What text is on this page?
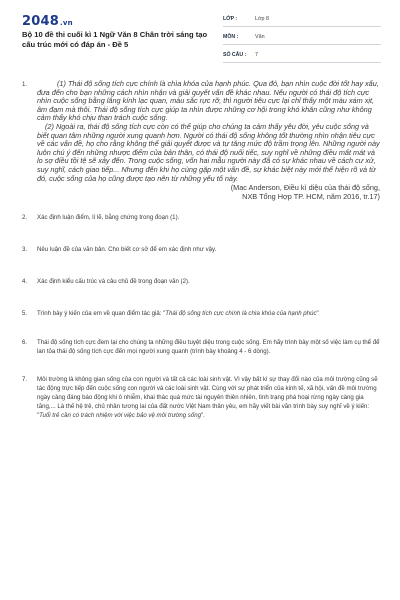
2048.vn
Bộ 10 đề thi cuối kì 1 Ngữ Văn 8 Chân trời sáng tạo cấu trúc mới có đáp án - Đề 5
LỚP :	Lớp 8
MÔN :	Văn
SỐ CÂU :	7
1.	(1) Thái độ sống tích cực chính là chìa khóa của hạnh phúc. Qua đó, bạn nhìn cuộc đời tốt hay xấu, đưa đến cho bạn những cách nhìn nhận và giải quyết vấn đề khác nhau. Nếu người có thái độ tích cực nhìn cuộc sống bằng lăng kính lạc quan, màu sắc rực rỡ, thì người tiêu cực lại chỉ thấy một màu xám xịt, âm đạm mà thôi. Thái độ sống tích cực giúp ta nhìn được những cơ hội trong khó khăn cũng như không cảm thấy khó chịu than trách cuộc sống.

(2) Ngoài ra, thái độ sống tích cực còn có thể giúp cho chúng ta cảm thấy yêu đời, yêu cuộc sống và biết quan tâm những người xung quanh hơn. Người có thái độ sống không tốt thường nhìn nhận tiêu cực về các vấn đề, họ cho rằng không thể giải quyết được và tự tăng mức độ trầm trọng lên. Những người này luôn chú ý đến những nhược điểm của bản thân, có thái độ nuối tiếc, suy nghĩ về những điều mất mát và lo sợ điều tồi tệ sẽ xảy đến. Trong cuộc sống, vốn hai mẫu người này đã có sự khác nhau về cách cư xử, suy nghĩ, cách giao tiếp... Nhưng đến khi họ cùng gặp một vấn đề, sự khác biệt này mới thể hiện rõ và từ đó, cuộc sống của họ cũng được tạo nên từ những yếu tố này.

(Mac Anderson, Điều kì diệu của thái độ sống,

NXB Tổng Hợp TP. HCM, năm 2016, tr.17)

2.	Xác định luận điểm, lí lẽ, bằng chứng trong đoạn (1).
3.	Nêu luận đề của văn bản. Cho biết cơ sở để em xác định như vậy.
4.	Xác định kiểu cấu trúc và câu chủ đề trong đoạn văn (2).
5.	Trình bày ý kiến của em về quan điểm tác giả: "Thái độ sống tích cực chính là chìa khóa của hạnh phúc"
6.	Thái độ sống tích cực đem lại cho chúng ta những điều tuyệt diệu trong cuộc sống. Em hãy trình bày một số việc làm cụ thể để lan tỏa thái độ sống tích cực đến mọi người xung quanh (trình bày khoảng 4 - 6 dòng).
7.	Môi trường là không gian sống của con người và tất cả các loài sinh vật. Vì vậy bất kì sự thay đổi nào của môi trường cũng sẽ tác động trực tiếp đến cuộc sống con người và các loài sinh vật. Cùng với sự phát triển của kinh tế, xã hội, vấn đề môi trường ngày càng đáng báo động khi ô nhiễm, khai thác quá mức tài nguyên thiên nhiên, tình trạng phá hoại rừng ngày càng gia tăng,... Là thế hệ trẻ, chủ nhân tương lai của đất nước Việt Nam thân yêu, em hãy viết bài văn trình bày suy nghĩ về ý kiến: "Tuổi trẻ cần có trách nhiệm với việc bảo vệ môi trường sống".
